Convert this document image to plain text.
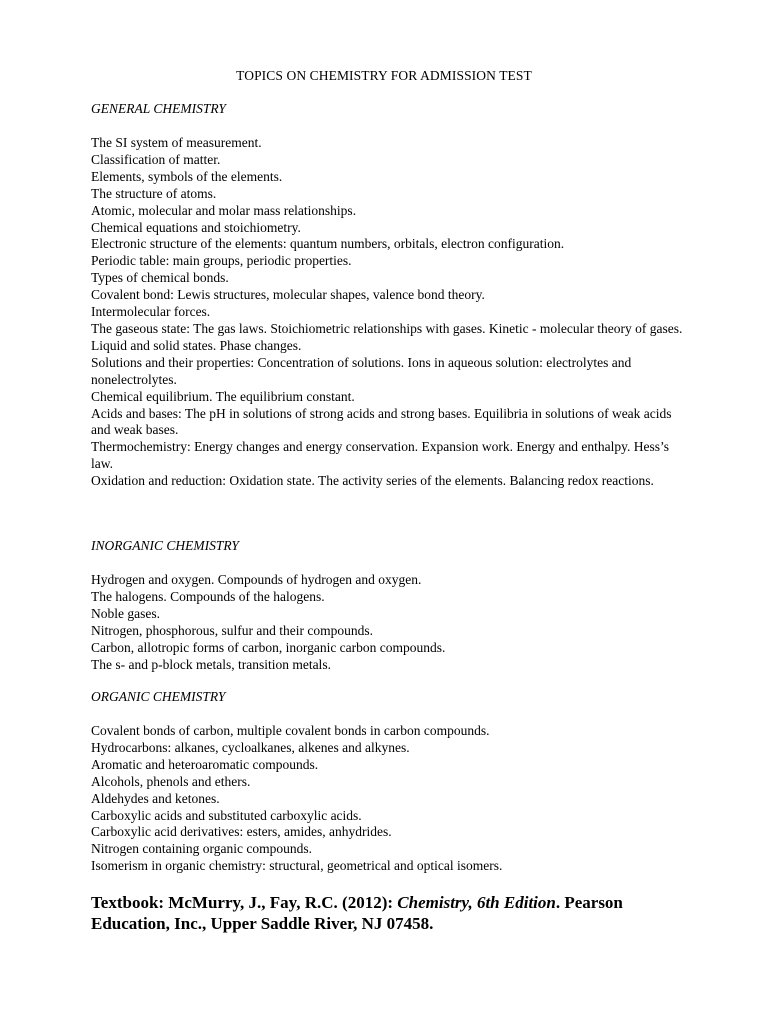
TOPICS ON CHEMISTRY FOR ADMISSION TEST
GENERAL CHEMISTRY
The SI system of measurement.
Classification of matter.
Elements, symbols of the elements.
The structure of atoms.
Atomic, molecular and molar mass relationships.
Chemical equations and stoichiometry.
Electronic structure of the elements: quantum numbers, orbitals, electron configuration.
Periodic table: main groups, periodic properties.
Types of chemical bonds.
Covalent bond: Lewis structures, molecular shapes, valence bond theory.
Intermolecular forces.
The gaseous state: The gas laws. Stoichiometric relationships with gases. Kinetic - molecular theory of gases.
Liquid and solid states. Phase changes.
Solutions and their properties: Concentration of solutions. Ions in aqueous solution: electrolytes and nonelectrolytes.
Chemical equilibrium. The equilibrium constant.
Acids and bases: The pH in solutions of strong acids and strong bases. Equilibria in solutions of weak acids and weak bases.
Thermochemistry: Energy changes and energy conservation. Expansion work. Energy and enthalpy. Hess’s law.
Oxidation and reduction: Oxidation state. The activity series of the elements. Balancing redox reactions.
INORGANIC CHEMISTRY
Hydrogen and oxygen. Compounds of hydrogen and oxygen.
The halogens. Compounds of the halogens.
Noble gases.
Nitrogen, phosphorous, sulfur and their compounds.
Carbon, allotropic forms of carbon, inorganic carbon compounds.
The s- and p-block metals, transition metals.
ORGANIC CHEMISTRY
Covalent bonds of carbon, multiple covalent bonds in carbon compounds.
Hydrocarbons: alkanes, cycloalkanes, alkenes and alkynes.
Aromatic and heteroaromatic compounds.
Alcohols, phenols and ethers.
Aldehydes and ketones.
Carboxylic acids and substituted carboxylic acids.
Carboxylic acid derivatives: esters, amides, anhydrides.
Nitrogen containing organic compounds.
Isomerism in organic chemistry: structural, geometrical and optical isomers.

Textbook: McMurry, J., Fay, R.C. (2012): Chemistry, 6th Edition. Pearson Education, Inc., Upper Saddle River, NJ 07458.
